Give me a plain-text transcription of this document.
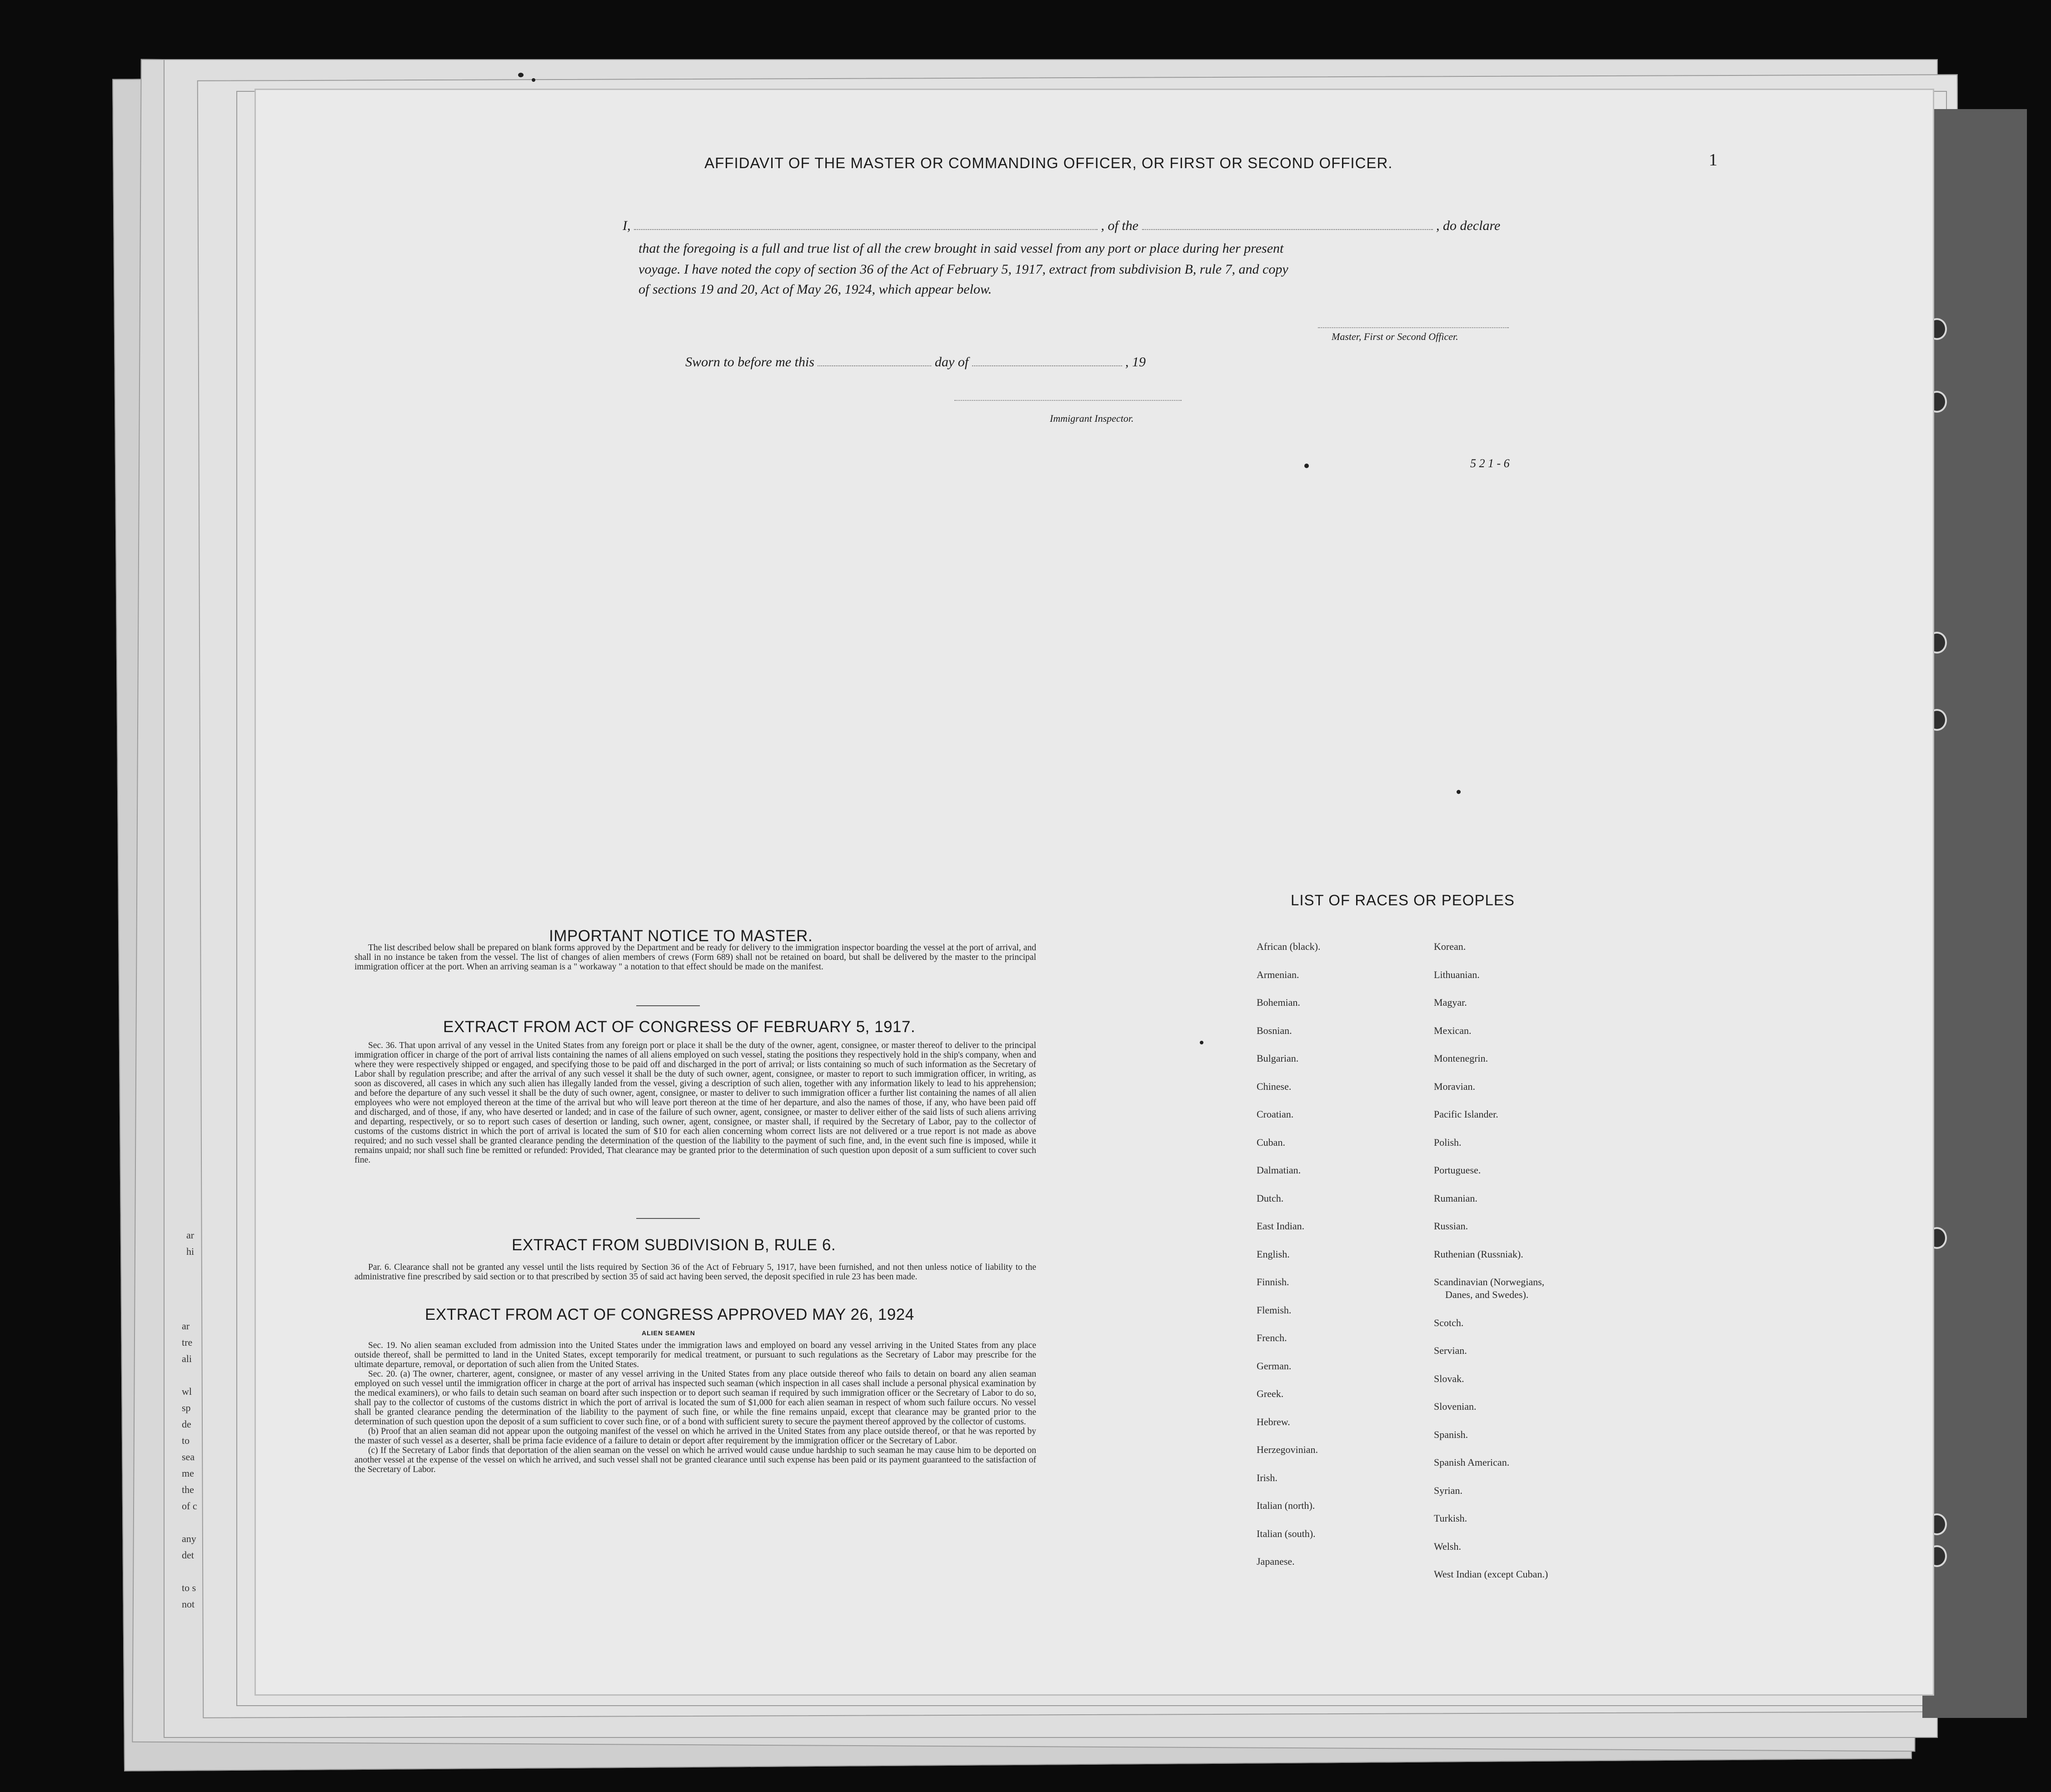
AFFIDAVIT OF THE MASTER OR COMMANDING OFFICER, OR FIRST OR SECOND OFFICER.
I,	, of the	, do declare
that the foregoing is a full and true list of all the crew brought in said vessel from any port or place during her present
voyage. I have noted the copy of section 36 of the Act of February 5, 1917, extract from subdivision B, rule 7, and copy
of sections 19 and 20, Act of May 26, 1924, which appear below.
Master, First or Second Officer.
Sworn to before me this	day of	, 19
Immigrant Inspector.
1
5 2 1 - 6
IMPORTANT NOTICE TO MASTER.

The list described below shall be prepared on blank forms approved by the Department and be ready for delivery to the immigration inspector boarding the vessel at the port of arrival, and shall in no instance be taken from the vessel. The list of changes of alien members of crews (Form 689) shall not be retained on board, but shall be delivered by the master to the principal immigration officer at the port. When an arriving seaman is a " workaway " a notation to that effect should be made on the manifest.

EXTRACT FROM ACT OF CONGRESS OF FEBRUARY 5, 1917.

Sec. 36. That upon arrival of any vessel in the United States from any foreign port or place it shall be the duty of the owner, agent, consignee, or master thereof to deliver to the principal immigration officer in charge of the port of arrival lists containing the names of all aliens employed on such vessel, stating the positions they respectively hold in the ship's company, when and where they were respectively shipped or engaged, and specifying those to be paid off and discharged in the port of arrival; or lists containing so much of such information as the Secretary of Labor shall by regulation prescribe; and after the arrival of any such vessel it shall be the duty of such owner, agent, consignee, or master to report to such immigration officer, in writing, as soon as discovered, all cases in which any such alien has illegally landed from the vessel, giving a description of such alien, together with any information likely to lead to his apprehension; and before the departure of any such vessel it shall be the duty of such owner, agent, consignee, or master to deliver to such immigration officer a further list containing the names of all alien employees who were not employed thereon at the time of the arrival but who will leave port thereon at the time of her departure, and also the names of those, if any, who have been paid off and discharged, and of those, if any, who have deserted or landed; and in case of the failure of such owner, agent, consignee, or master to deliver either of the said lists of such aliens arriving and departing, respectively, or so to report such cases of desertion or landing, such owner, agent, consignee, or master shall, if required by the Secretary of Labor, pay to the collector of customs of the customs district in which the port of arrival is located the sum of $10 for each alien concerning whom correct lists are not delivered or a true report is not made as above required; and no such vessel shall be granted clearance pending the determination of the question of the liability to the payment of such fine, and, in the event such fine is imposed, while it remains unpaid; nor shall such fine be remitted or refunded: Provided, That clearance may be granted prior to the determination of such question upon deposit of a sum sufficient to cover such fine.

EXTRACT FROM SUBDIVISION B, RULE 6.

Par. 6. Clearance shall not be granted any vessel until the lists required by Section 36 of the Act of February 5, 1917, have been furnished, and not then unless notice of liability to the administrative fine prescribed by said section or to that prescribed by section 35 of said act having been served, the deposit specified in rule 23 has been made.

EXTRACT FROM ACT OF CONGRESS APPROVED MAY 26, 1924
ALIEN SEAMEN

Sec. 19. No alien seaman excluded from admission into the United States under the immigration laws and employed on board any vessel arriving in the United States from any place outside thereof, shall be permitted to land in the United States, except temporarily for medical treatment, or pursuant to such regulations as the Secretary of Labor may prescribe for the ultimate departure, removal, or deportation of such alien from the United States.

Sec. 20. (a) The owner, charterer, agent, consignee, or master of any vessel arriving in the United States from any place outside thereof who fails to detain on board any alien seaman employed on such vessel until the immigration officer in charge at the port of arrival has inspected such seaman (which inspection in all cases shall include a personal physical examination by the medical examiners), or who fails to detain such seaman on board after such inspection or to deport such seaman if required by such immigration officer or the Secretary of Labor to do so, shall pay to the collector of customs of the customs district in which the port of arrival is located the sum of $1,000 for each alien seaman in respect of whom such failure occurs. No vessel shall be granted clearance pending the determination of the liability to the payment of such fine, or while the fine remains unpaid, except that clearance may be granted prior to the determination of such question upon the deposit of a sum sufficient to cover such fine, or of a bond with sufficient surety to secure the payment thereof approved by the collector of customs.

(b) Proof that an alien seaman did not appear upon the outgoing manifest of the vessel on which he arrived in the United States from any place outside thereof, or that he was reported by the master of such vessel as a deserter, shall be prima facie evidence of a failure to detain or deport after requirement by the immigration officer or the Secretary of Labor.

(c) If the Secretary of Labor finds that deportation of the alien seaman on the vessel on which he arrived would cause undue hardship to such seaman he may cause him to be deported on another vessel at the expense of the vessel on which he arrived, and such vessel shall not be granted clearance until such expense has been paid or its payment guaranteed to the satisfaction of the Secretary of Labor.

LIST OF RACES OR PEOPLES
African (black).
Armenian.
Bohemian.
Bosnian.
Bulgarian.
Chinese.
Croatian.
Cuban.
Dalmatian.
Dutch.
East Indian.
English.
Finnish.
Flemish.
French.
German.
Greek.
Hebrew.
Herzegovinian.
Irish.
Italian (north).
Italian (south).
Japanese.
Korean.
Lithuanian.
Magyar.
Mexican.
Montenegrin.
Moravian.
Pacific Islander.
Polish.
Portuguese.
Rumanian.
Russian.
Ruthenian (Russniak).
Scandinavian (Norwegians,
Danes, and Swedes).
Scotch.
Servian.
Slovak.
Slovenian.
Spanish.
Spanish American.
Syrian.
Turkish.
Welsh.
West Indian (except Cuban.)
ar
hi
ar
tre
ali

wl
sp
de
to
sea
me
the
of c

any
det

to s
not
